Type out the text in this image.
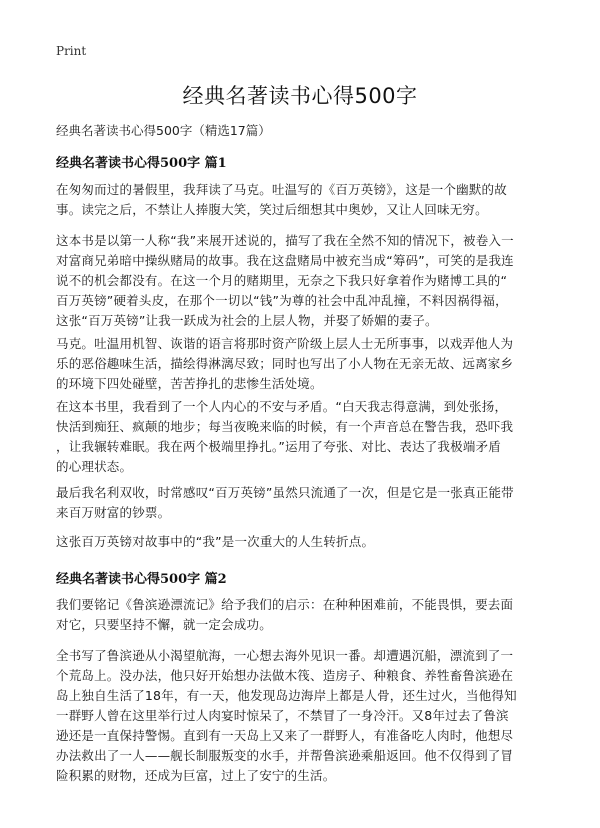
Print
经典名著读书心得500字
经典名著读书心得500字（精选17篇）
经典名著读书心得500字 篇1

在匆匆而过的暑假里，我拜读了马克。吐温写的《百万英镑》，这是一个幽默的故
事。读完之后，不禁让人捧腹大笑，笑过后细想其中奥妙，又让人回味无穷。

这本书是以第一人称“我”来展开述说的，描写了我在全然不知的情况下，被卷入一
对富商兄弟暗中操纵赌局的故事。我在这盘赌局中被充当成“筹码”，可笑的是我连
说不的机会都没有。在这一个月的赌期里，无奈之下我只好拿着作为赌博工具的“
百万英镑”硬着头皮，在那个一切以“钱”为尊的社会中乱冲乱撞，不料因祸得福，
这张“百万英镑”让我一跃成为社会的上层人物，并娶了娇媚的妻子。

马克。吐温用机智、诙谐的语言将那时资产阶级上层人士无所事事，以戏弄他人为
乐的恶俗趣味生活，描绘得淋漓尽致；同时也写出了小人物在无亲无故、远离家乡
的环境下四处碰壁，苦苦挣扎的悲惨生活处境。

在这本书里，我看到了一个人内心的不安与矛盾。“白天我志得意满，到处张扬，
快活到痴狂、疯颠的地步；每当夜晚来临的时候，有一个声音总在警告我，恐吓我
，让我辗转难眠。我在两个极端里挣扎。”运用了夸张、对比、表达了我极端矛盾
的心理状态。

最后我名利双收，时常感叹“百万英镑”虽然只流通了一次，但是它是一张真正能带
来百万财富的钞票。

这张百万英镑对故事中的“我”是一次重大的人生转折点。

经典名著读书心得500字 篇2

我们要铭记《鲁滨逊漂流记》给予我们的启示：在种种困难前，不能畏惧，要去面
对它，只要坚持不懈，就一定会成功。

全书写了鲁滨逊从小渴望航海，一心想去海外见识一番。却遭遇沉船，漂流到了一
个荒岛上。没办法，他只好开始想办法做木筏、造房子、种粮食、养牲畜鲁滨逊在
岛上独自生活了18年，有一天，他发现岛边海岸上都是人骨，还生过火，当他得知
一群野人曾在这里举行过人肉宴时惊呆了，不禁冒了一身冷汗。又8年过去了鲁滨
逊还是一直保持警惕。直到有一天岛上又来了一群野人，有准备吃人肉时，他想尽
办法救出了一人——舰长制服叛变的水手，并帮鲁滨逊乘船返回。他不仅得到了冒
险积累的财物，还成为巨富，过上了安宁的生活。
